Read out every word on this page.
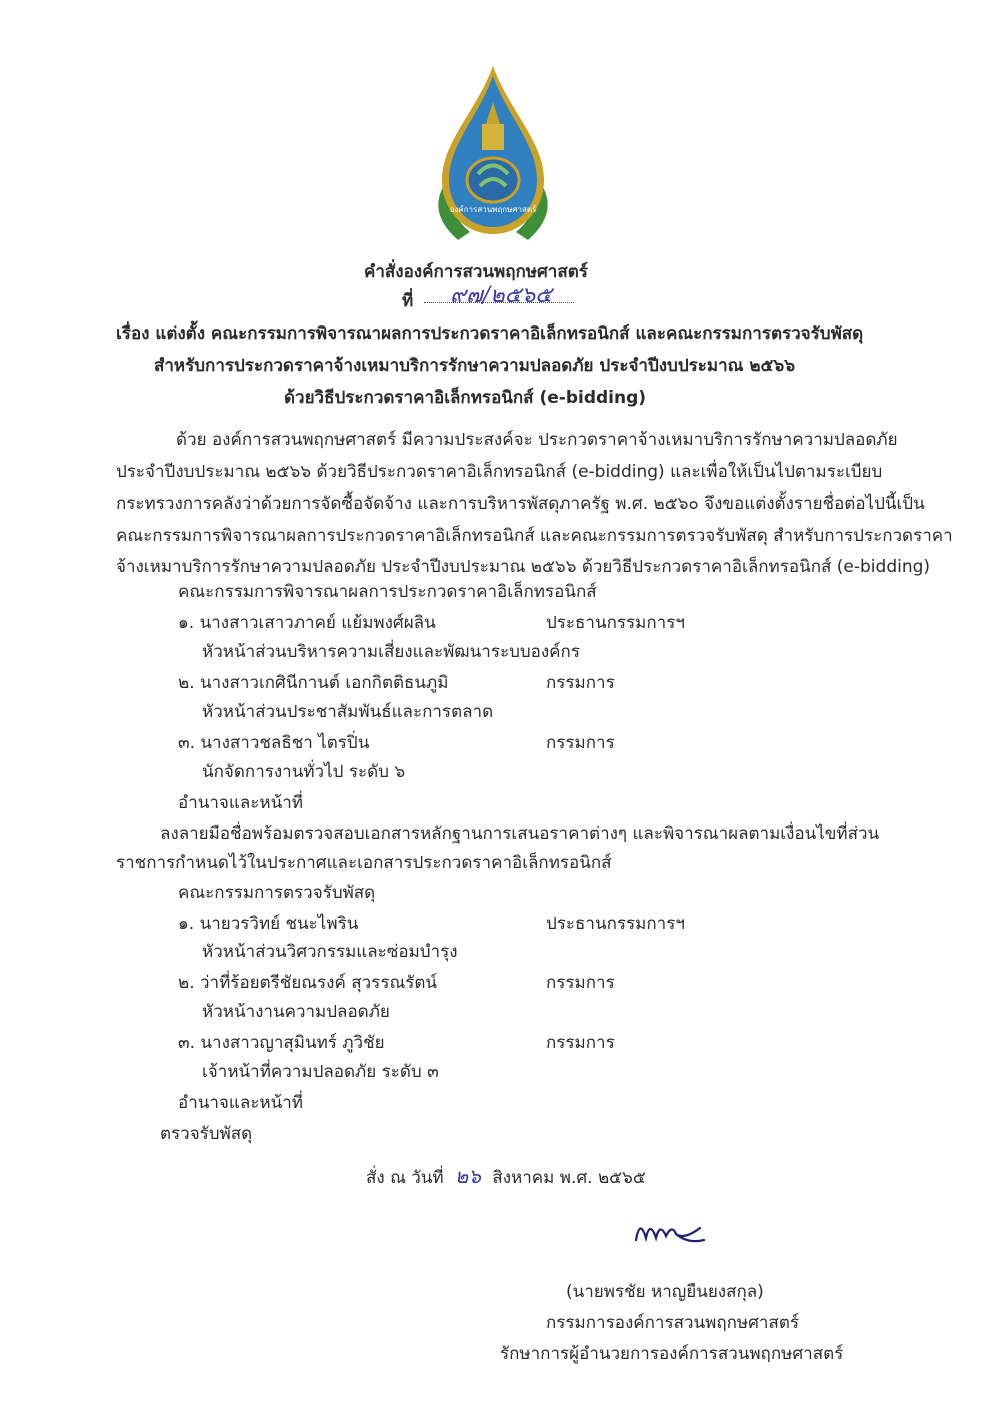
องค์การสวนพฤกษศาสตร์
คำสั่งองค์การสวนพฤกษศาสตร์
ที่ ๙๗/๒๕๖๕
เรื่อง แต่งตั้ง คณะกรรมการพิจารณาผลการประกวดราคาอิเล็กทรอนิกส์ และคณะกรรมการตรวจรับพัสดุ
สำหรับการประกวดราคาจ้างเหมาบริการรักษาความปลอดภัย ประจำปีงบประมาณ ๒๕๖๖
ด้วยวิธีประกวดราคาอิเล็กทรอนิกส์ (e-bidding)
ด้วย องค์การสวนพฤกษศาสตร์ มีความประสงค์จะ ประกวดราคาจ้างเหมาบริการรักษาความปลอดภัย
ประจำปีงบประมาณ ๒๕๖๖ ด้วยวิธีประกวดราคาอิเล็กทรอนิกส์ (e-bidding) และเพื่อให้เป็นไปตามระเบียบ
กระทรวงการคลังว่าด้วยการจัดซื้อจัดจ้าง และการบริหารพัสดุภาครัฐ พ.ศ. ๒๕๖๐ จึงขอแต่งตั้งรายชื่อต่อไปนี้เป็น
คณะกรรมการพิจารณาผลการประกวดราคาอิเล็กทรอนิกส์ และคณะกรรมการตรวจรับพัสดุ สำหรับการประกวดราคา
จ้างเหมาบริการรักษาความปลอดภัย ประจำปีงบประมาณ ๒๕๖๖ ด้วยวิธีประกวดราคาอิเล็กทรอนิกส์ (e-bidding)
คณะกรรมการพิจารณาผลการประกวดราคาอิเล็กทรอนิกส์
๑. นางสาวเสาวภาคย์ แย้มพงศ์ผลิน	ประธานกรรมการฯ
หัวหน้าส่วนบริหารความเสี่ยงและพัฒนาระบบองค์กร
๒. นางสาวเกศินีกานต์ เอกกิตติธนภูมิ	กรรมการ
หัวหน้าส่วนประชาสัมพันธ์และการตลาด
๓. นางสาวชลธิชา ไตรปิ่น	กรรมการ
นักจัดการงานทั่วไป ระดับ ๖
อำนาจและหน้าที่
ลงลายมือชื่อพร้อมตรวจสอบเอกสารหลักฐานการเสนอราคาต่างๆ และพิจารณาผลตามเงื่อนไขที่ส่วน
ราชการกำหนดไว้ในประกาศและเอกสารประกวดราคาอิเล็กทรอนิกส์
คณะกรรมการตรวจรับพัสดุ
๑. นายวรวิทย์ ชนะไพริน	ประธานกรรมการฯ
หัวหน้าส่วนวิศวกรรมและซ่อมบำรุง
๒. ว่าที่ร้อยตรีชัยณรงค์ สุวรรณรัตน์	กรรมการ
หัวหน้างานความปลอดภัย
๓. นางสาวญาสุมินทร์ ภูวิชัย	กรรมการ
เจ้าหน้าที่ความปลอดภัย ระดับ ๓
อำนาจและหน้าที่
ตรวจรับพัสดุ
สั่ง ณ วันที่ ๒๖ สิงหาคม พ.ศ. ๒๕๖๕
(นายพรชัย หาญยืนยงสกุล)
กรรมการองค์การสวนพฤกษศาสตร์
รักษาการผู้อำนวยการองค์การสวนพฤกษศาสตร์
